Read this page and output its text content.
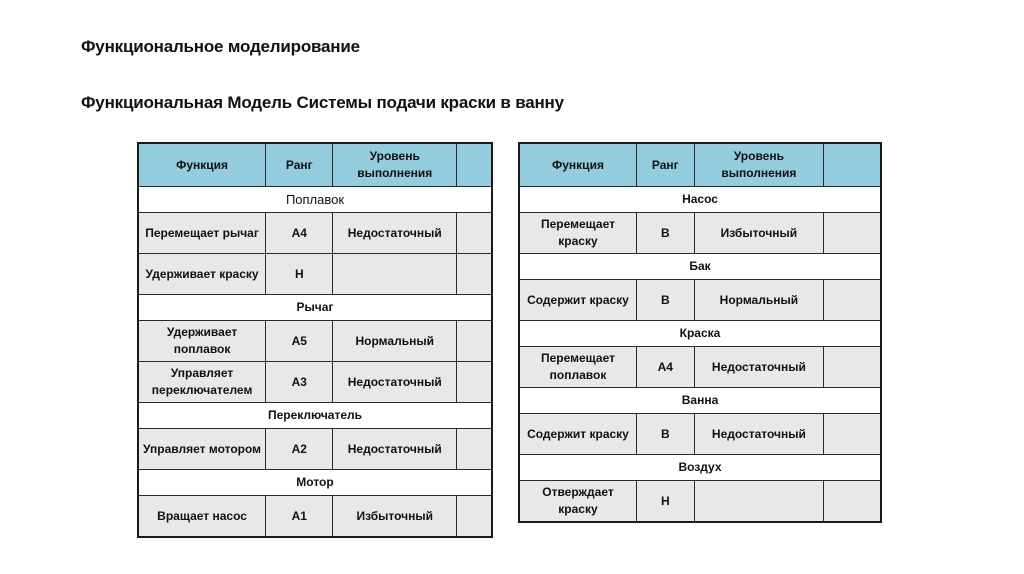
Функциональное моделирование
Функциональная Модель Системы подачи краски в ванну
Функция	Ранг	Уровень выполнения	
Поплавок			
Перемещает рычаг	А4	Недостаточный	
Удерживает краску	Н		
Рычаг			
Удерживает поплавок	А5	Нормальный	
Управляет переключателем	А3	Недостаточный	
Переключатель			
Управляет мотором	А2	Недостаточный	
Мотор			
Вращает насос	А1	Избыточный	
Функция	Ранг	Уровень выполнения	
Насос			
Перемещает краску	В	Избыточный	
Бак			
Содержит краску	В	Нормальный	
Краска			
Перемещает поплавок	А4	Недостаточный	
Ванна			
Содержит краску	В	Недостаточный	
Воздух			
Отверждает краску	Н		
